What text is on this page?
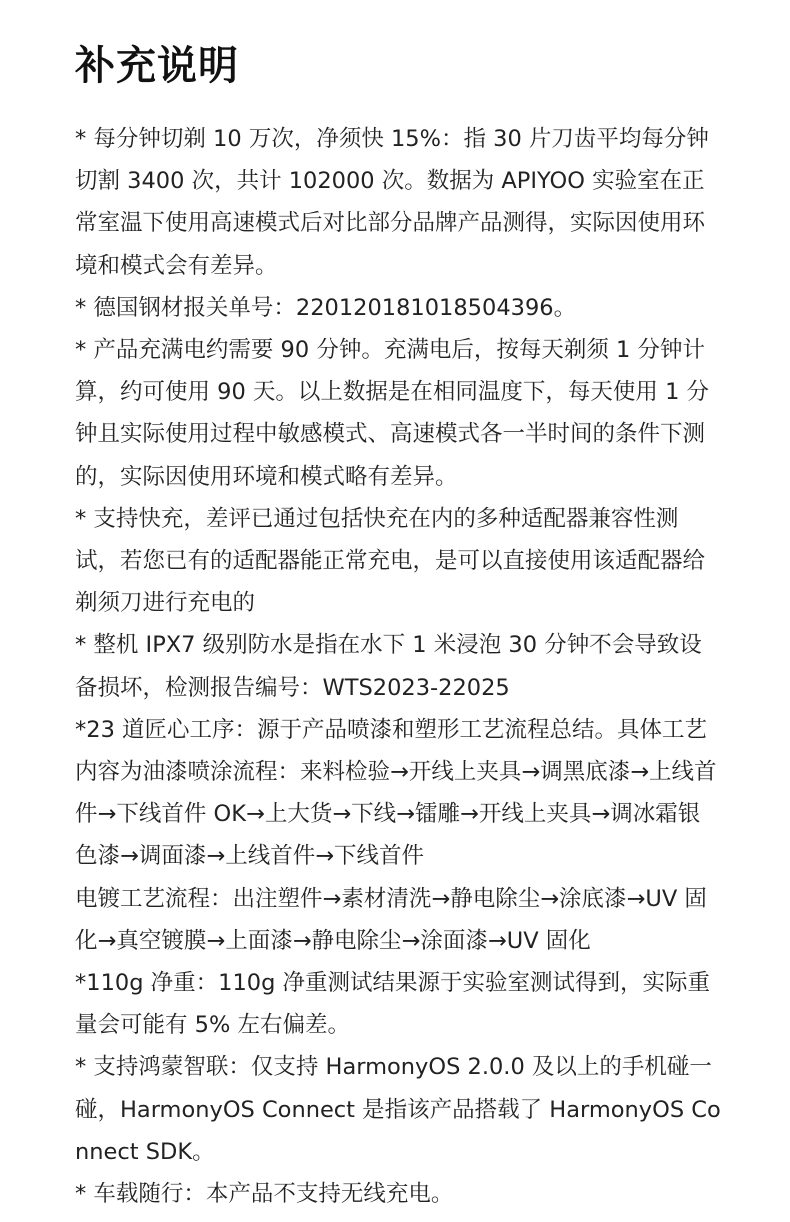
补充说明

* 每分钟切剃 10 万次，净须快 15%：指 30 片刀齿平均每分钟切割 3400 次，共计 102000 次。数据为 APIYOO 实验室在正常室温下使用高速模式后对比部分品牌产品测得，实际因使用环境和模式会有差异。

* 德国钢材报关单号：22012018101850439​6。

* 产品充满电约需要 90 分钟。充满电后，按每天剃须 1 分钟计算，约可使用 90 天。以上数据是在相同温度下，每天使用 1 分钟且实际使用过程中敏感模式、高速模式各一半时间的条件下测的，实际因使用环境和模式略有差异。

* 支持快充，差评已通过包括快充在内的多种适配器兼容性测试，若您已有的适配器能正常充电，是可以直接使用该适配器给剃须刀进行充电的

* 整机 IPX7 级别防水是指在水下 1 米浸泡 30 分钟不会导致设备损坏，检测报告编号：WTS2023-22025

*23 道匠心工序：源于产品喷漆和塑形工艺流程总结。具体工艺内容为油漆喷涂流程：来料检验→开线上夹具→调黑底漆→上线首件→下线首件 OK→上大货→下线→镭雕→开线上夹具→调冰霜银色漆→调面漆→上线首件→下线首件

电镀工艺流程：出注塑件→素材清洗→静电除尘→涂底漆→UV 固化→真空镀膜→上面漆→静电除尘→涂面漆→UV 固化

*110g 净重：110g 净重测试结果源于实验室测试得到，实际重量会可能有 5% 左右偏差。

* 支持鸿蒙智联：仅支持 HarmonyOS 2.0.0 及以上的手机碰一碰，HarmonyOS Connect 是指该产品搭载了 HarmonyOS Connect SDK。

* 车载随行：本产品不支持无线充电。
